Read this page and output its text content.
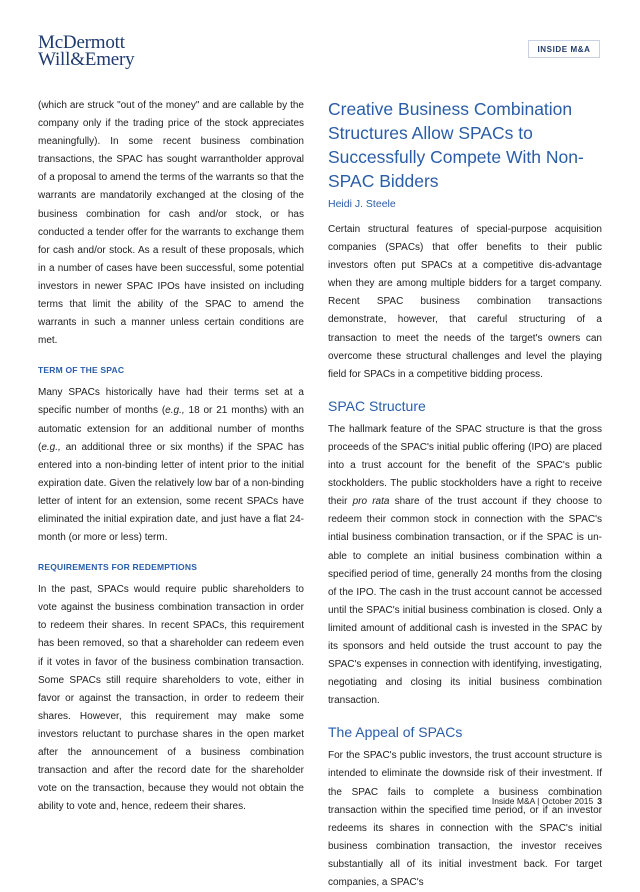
McDermott
Will&Emery	INSIDE M&A

(which are struck "out of the money" and are callable by the company only if the trading price of the stock appreciates meaningfully). In some recent business combination transactions, the SPAC has sought warrantholder approval of a proposal to amend the terms of the warrants so that the warrants are mandatorily exchanged at the closing of the business combination for cash and/or stock, or has conducted a tender offer for the warrants to exchange them for cash and/or stock. As a result of these proposals, which in a number of cases have been successful, some potential investors in newer SPAC IPOs have insisted on including terms that limit the ability of the SPAC to amend the warrants in such a manner unless certain conditions are met.

TERM OF THE SPAC

Many SPACs historically have had their terms set at a specific number of months (e.g., 18 or 21 months) with an automatic extension for an additional number of months (e.g., an additional three or six months) if the SPAC has entered into a non-binding letter of intent prior to the initial expiration date. Given the relatively low bar of a non-binding letter of intent for an extension, some recent SPACs have eliminated the initial expiration date, and just have a flat 24-month (or more or less) term.

REQUIREMENTS FOR REDEMPTIONS

In the past, SPACs would require public shareholders to vote against the business combination transaction in order to redeem their shares. In recent SPACs, this requirement has been removed, so that a shareholder can redeem even if it votes in favor of the business combination transaction. Some SPACs still require shareholders to vote, either in favor or against the transaction, in order to redeem their shares. However, this requirement may make some investors reluctant to purchase shares in the open market after the announcement of a business combination transaction and after the record date for the shareholder vote on the transaction, because they would not obtain the ability to vote and, hence, redeem their shares.

Creative Business Combination Structures Allow SPACs to Successfully Compete With Non-SPAC Bidders
Heidi J. Steele

Certain structural features of special-purpose acquisition companies (SPACs) that offer benefits to their public investors often put SPACs at a competitive dis-advantage when they are among multiple bidders for a target company. Recent SPAC business combination transactions demonstrate, however, that careful structuring of a transaction to meet the needs of the target's owners can overcome these structural challenges and level the playing field for SPACs in a competitive bidding process.

SPAC Structure

The hallmark feature of the SPAC structure is that the gross proceeds of the SPAC's initial public offering (IPO) are placed into a trust account for the benefit of the SPAC's public stockholders. The public stockholders have a right to receive their pro rata share of the trust account if they choose to redeem their common stock in connection with the SPAC's intial business combination transaction, or if the SPAC is un-able to complete an initial business combination within a specified period of time, generally 24 months from the closing of the IPO. The cash in the trust account cannot be accessed until the SPAC's initial business combination is closed. Only a limited amount of additional cash is invested in the SPAC by its sponsors and held outside the trust account to pay the SPAC's expenses in connection with identifying, investigating, negotiating and closing its initial business combination transaction.

The Appeal of SPACs

For the SPAC's public investors, the trust account structure is intended to eliminate the downside risk of their investment. If the SPAC fails to complete a business combination transaction within the specified time period, or if an investor redeems its shares in connection with the SPAC's initial business combination transaction, the investor receives substantially all of its initial investment back. For target companies, a SPAC's

Inside M&A | October 2015 3
